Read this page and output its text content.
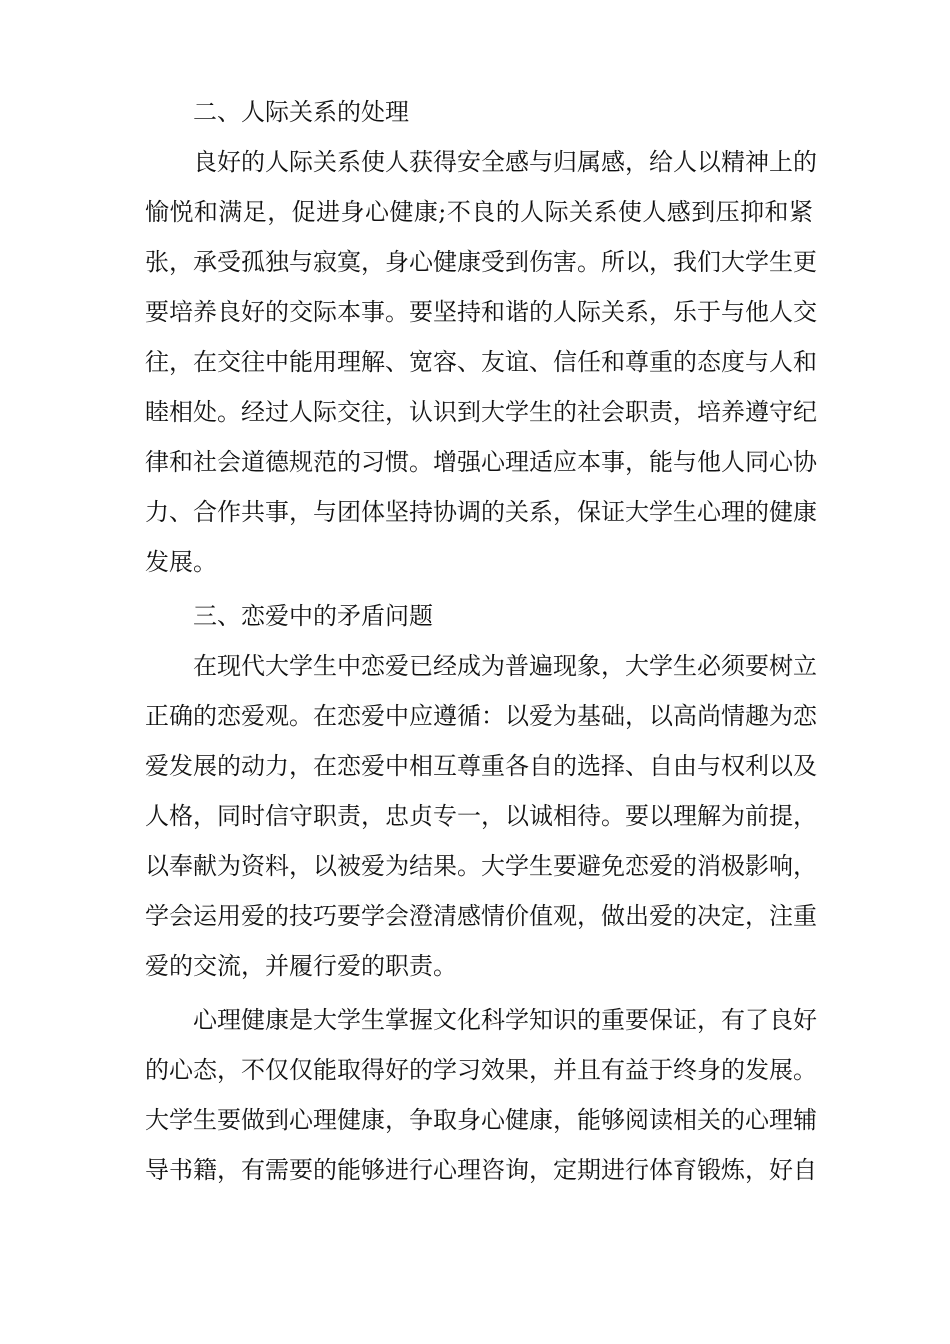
二、人际关系的处理
良好的人际关系使人获得安全感与归属感，给人以精神上的
愉悦和满足，促进身心健康;不良的人际关系使人感到压抑和紧
张，承受孤独与寂寞，身心健康受到伤害。所以，我们大学生更
要培养良好的交际本事。要坚持和谐的人际关系，乐于与他人交
往，在交往中能用理解、宽容、友谊、信任和尊重的态度与人和
睦相处。经过人际交往，认识到大学生的社会职责，培养遵守纪
律和社会道德规范的习惯。增强心理适应本事，能与他人同心协
力、合作共事，与团体坚持协调的关系，保证大学生心理的健康
发展。
三、恋爱中的矛盾问题
在现代大学生中恋爱已经成为普遍现象，大学生必须要树立
正确的恋爱观。在恋爱中应遵循：以爱为基础，以高尚情趣为恋
爱发展的动力，在恋爱中相互尊重各自的选择、自由与权利以及
人格，同时信守职责，忠贞专一，以诚相待。要以理解为前提，
以奉献为资料，以被爱为结果。大学生要避免恋爱的消极影响，
学会运用爱的技巧要学会澄清感情价值观，做出爱的决定，注重
爱的交流，并履行爱的职责。
心理健康是大学生掌握文化科学知识的重要保证，有了良好
的心态，不仅仅能取得好的学习效果，并且有益于终身的发展。
大学生要做到心理健康，争取身心健康，能够阅读相关的心理辅
导书籍，有需要的能够进行心理咨询，定期进行体育锻炼，好自
